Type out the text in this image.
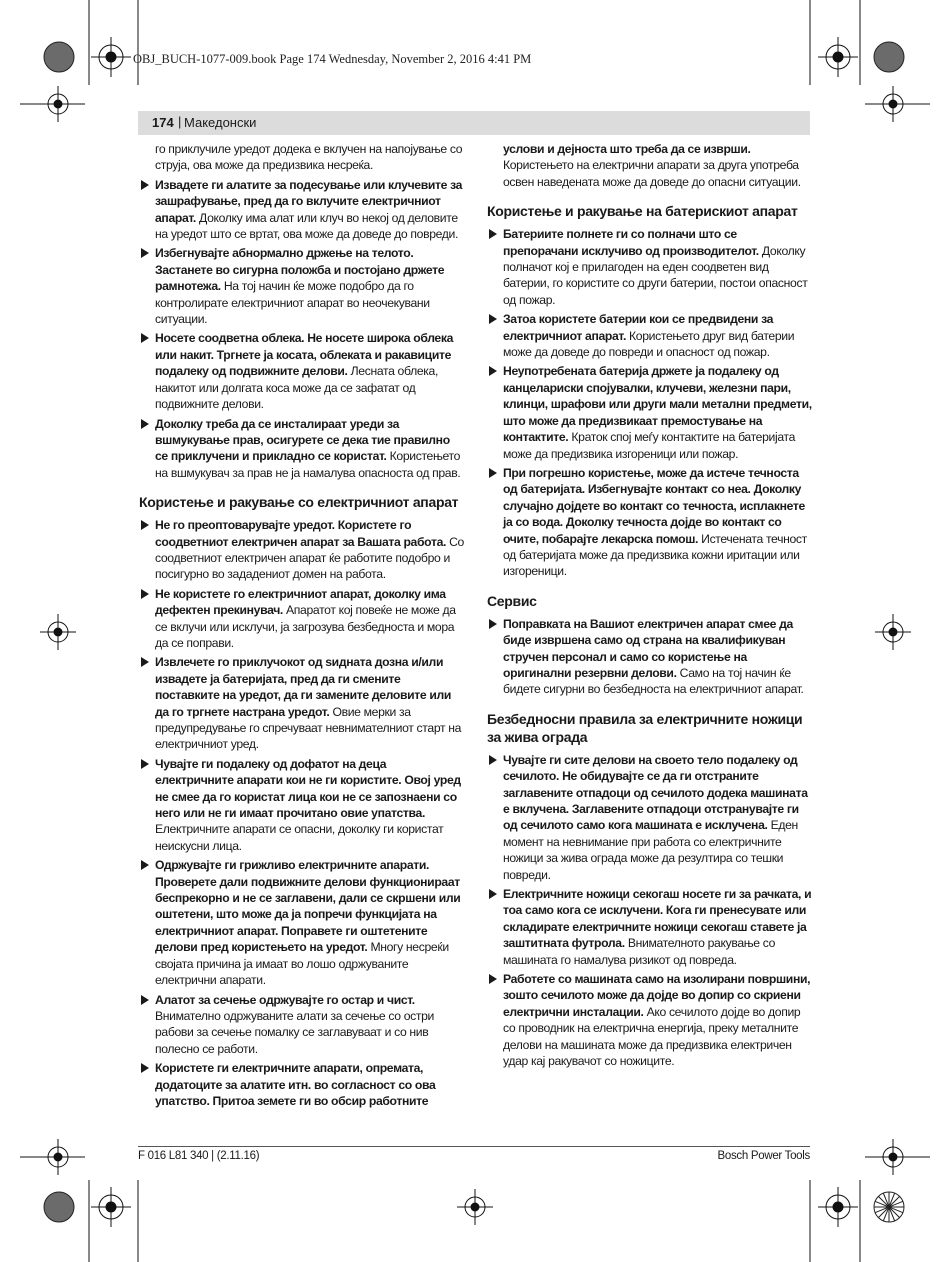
OBJ_BUCH-1077-009.book Page 174 Wednesday, November 2, 2016 4:41 PM
174 | Македонски

го приклучиле уредот додека е вклучен на напојување со струја, ова може да предизвика несреќа.

Извадете ги алатите за подесување или клучевите за зашрафување, пред да го вклучите електричниот апарат. Доколку има алат или клуч во некој од деловите на уредот што се вртат, ова може да доведе до повреди.
Избегнувајте абнормално држење на телото. Застанете во сигурна положба и постојано држете рамнотежа. На тој начин ќе може подобро да го контролирате електричниот апарат во неочекувани ситуации.
Носете соодветна облека. Не носете широка облека или накит. Тргнете ја косата, облеката и ракавиците подалеку од подвижните делови. Лесната облека, накитот или долгата коса може да се зафатат од подвижните делови.
Доколку треба да се инсталираат уреди за вшмукување прав, осигурете се дека тие правилно се приклучени и прикладно се користат. Користењето на вшмукувач за прав не ја намалува опасноста од прав.
Користење и ракување со електричниот апарат
Не го преоптоварувајте уредот. Користете го соодветниот електричен апарат за Вашата работа. Со соодветниот електричен апарат ќе работите подобро и посигурно во зададениот домен на работа.
Не користете го електричниот апарат, доколку има дефектен прекинувач. Апаратот кој повеќе не може да се вклучи или исклучи, ја загрозува безбедноста и мора да се поправи.
Извлечете го приклучокот од ѕидната дозна и/или извадете ја батеријата, пред да ги смените поставките на уредот, да ги замените деловите или да го тргнете настрана уредот. Овие мерки за предупредување го спречуваат невнимателниот старт на електричниот уред.
Чувајте ги подалеку од дофатот на деца електричните апарати кои не ги користите. Овој уред не смее да го користат лица кои не се запознаени со него или не ги имаат прочитано овие упатства. Електричните апарати се опасни, доколку ги користат неискусни лица.
Одржувајте ги грижливо електричните апарати. Проверете дали подвижните делови функционираат беспрекорно и не се заглавени, дали се скршени или оштетени, што може да ја попречи функцијата на електричниот апарат. Поправете ги оштетените делови пред користењето на уредот. Многу несреќи својата причина ја имаат во лошо одржуваните електрични апарати.
Алатот за сечење одржувајте го остар и чист. Внимателно одржуваните алати за сечење со остри рабови за сечење помалку се заглавуваат и со нив полесно се работи.
Користете ги електричните апарати, опремата, додатоците за алатите итн. во согласност со ова упатство. Притоа земете ги во обсир работните

услови и дејноста што треба да се изврши. Користењето на електрични апарати за друга употреба освен наведената може да доведе до опасни ситуации.

Користење и ракување на батерискиот апарат
Батериите полнете ги со полначи што се препорачани исклучиво од производителот. Доколку полначот кој е прилагоден на еден соодветен вид батерии, го користите со други батерии, постои опасност од пожар.
Затоа користете батерии кои се предвидени за електричниот апарат. Користењето друг вид батерии може да доведе до повреди и опасност од пожар.
Неупотребената батерија држете ја подалеку од канцелариски спојувалки, клучеви, железни пари, клинци, шрафови или други мали метални предмети, што може да предизвикаат премостување на контактите. Краток спој меѓу контактите на батеријата може да предизвика изгореници или пожар.
При погрешно користење, може да истече течноста од батеријата. Избегнувајте контакт со неа. Доколку случајно дојдете во контакт со течноста, исплакнете ја со вода. Доколку течноста дојде во контакт со очите, побарајте лекарска помош. Истечената течност од батеријата може да предизвика кожни иритации или изгореници.
Сервис
Поправката на Вашиот електричен апарат смее да биде извршена само од страна на квалификуван стручен персонал и само со користење на оригинални резервни делови. Само на тој начин ќе бидете сигурни во безбедноста на електричниот апарат.
Безбедносни правила за електричните ножици за жива ограда
Чувајте ги сите делови на своето тело подалеку од сечилото. Не обидувајте се да ги отстраните заглавените отпадоци од сечилото додека машината е вклучена. Заглавените отпадоци отстранувајте ги од сечилото само кога машината е исклучена. Еден момент на невнимание при работа со електричните ножици за жива ограда може да резултира со тешки повреди.
Електричните ножици секогаш носете ги за рачката, и тоа само кога се исклучени. Кога ги пренесувате или складирате електричните ножици секогаш ставете ја заштитната футрола. Внимателното ракување со машината го намалува ризикот од повреда.
Работете со машината само на изолирани површини, зошто сечилото може да дојде во допир со скриени електрични инсталации. Ако сечилото дојде во допир со проводник на електрична енергија, преку металните делови на машината може да предизвика електричен удар кај ракувачот со ножиците.
F 016 L81 340 | (2.11.16)	Bosch Power Tools
